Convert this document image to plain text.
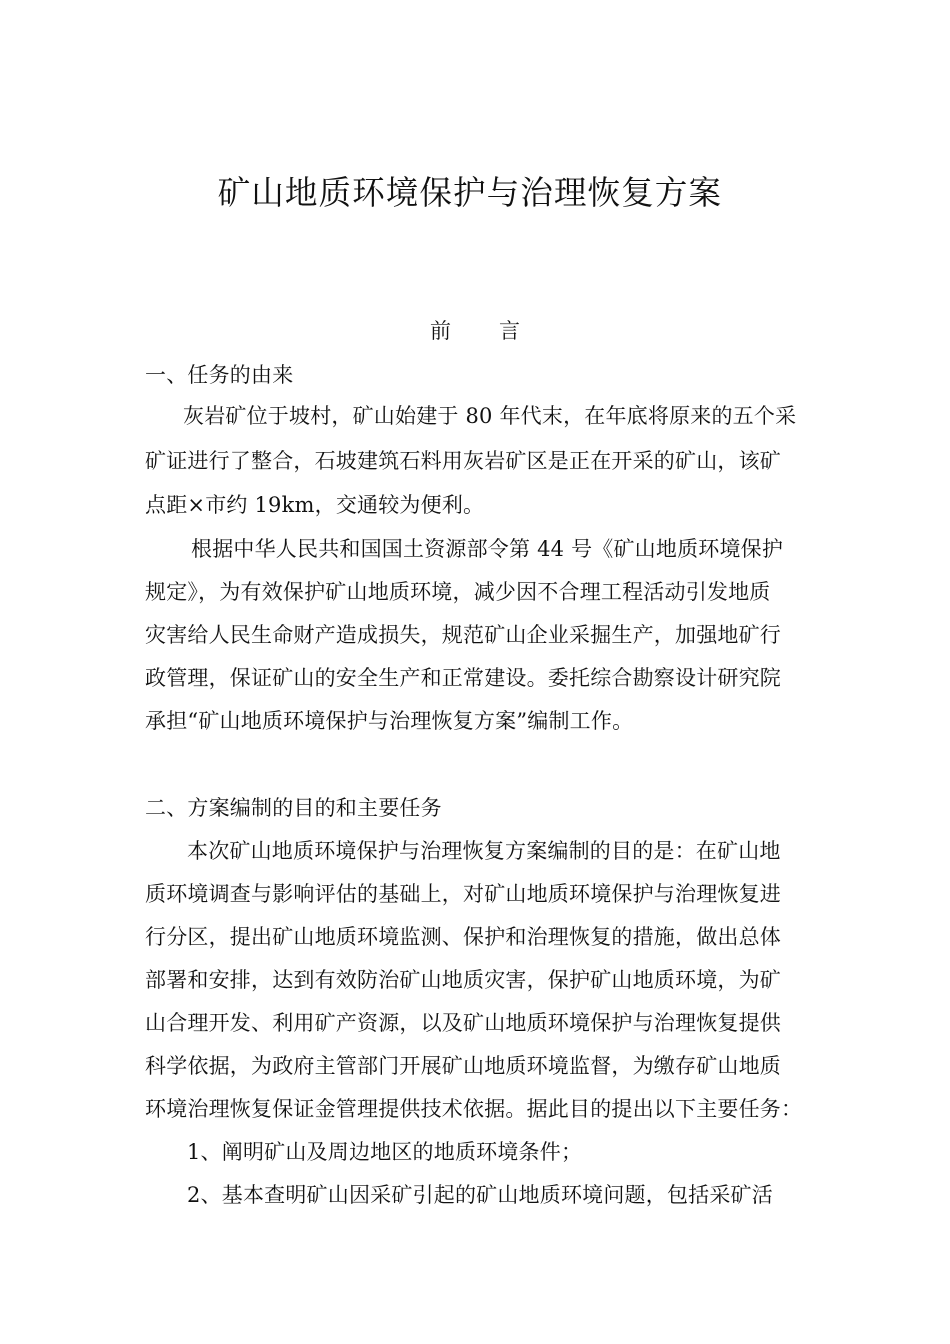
矿山地质环境保护与治理恢复方案
前 言
一、任务的由来
灰岩矿位于坡村，矿山始建于 80 年代末，在年底将原来的五个采
矿证进行了整合，石坡建筑石料用灰岩矿区是正在开采的矿山，该矿
点距×市约 19km，交通较为便利。
根据中华人民共和国国土资源部令第 44 号《矿山地质环境保护
规定》，为有效保护矿山地质环境，减少因不合理工程活动引发地质
灾害给人民生命财产造成损失，规范矿山企业采掘生产，加强地矿行
政管理，保证矿山的安全生产和正常建设。委托综合勘察设计研究院
承担“矿山地质环境保护与治理恢复方案”编制工作。
二、方案编制的目的和主要任务
本次矿山地质环境保护与治理恢复方案编制的目的是：在矿山地
质环境调查与影响评估的基础上，对矿山地质环境保护与治理恢复进
行分区，提出矿山地质环境监测、保护和治理恢复的措施，做出总体
部署和安排，达到有效防治矿山地质灾害，保护矿山地质环境，为矿
山合理开发、利用矿产资源，以及矿山地质环境保护与治理恢复提供
科学依据，为政府主管部门开展矿山地质环境监督，为缴存矿山地质
环境治理恢复保证金管理提供技术依据。据此目的提出以下主要任务：
1、阐明矿山及周边地区的地质环境条件；
2、基本查明矿山因采矿引起的矿山地质环境问题，包括采矿活
